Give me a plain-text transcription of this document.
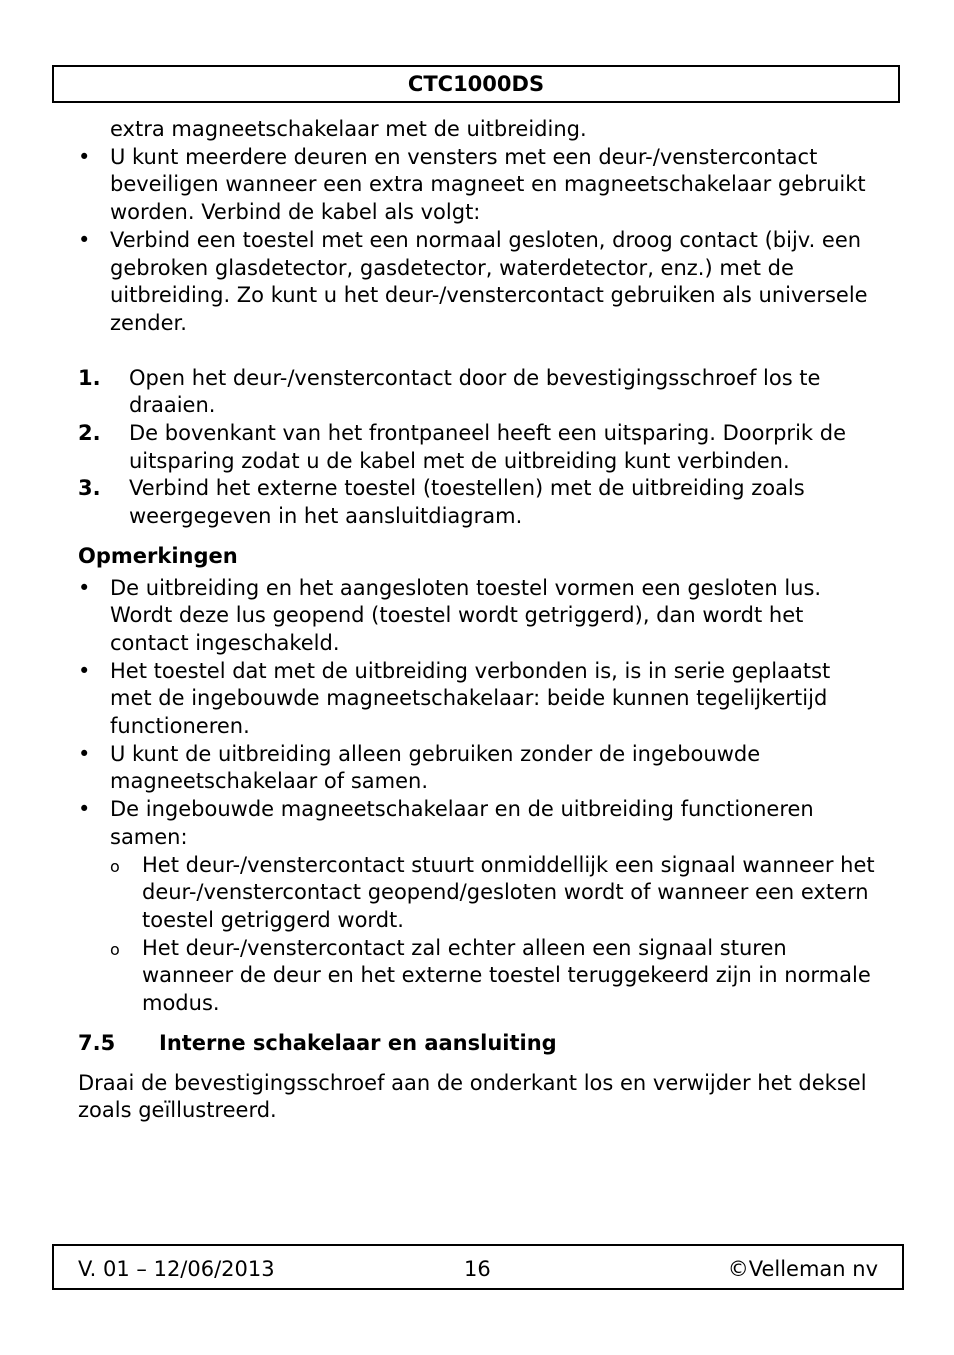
CTC1000DS

extra magneetschakelaar met de uitbreiding.

• U kunt meerdere deuren en vensters met een deur-/venstercontact beveiligen wanneer een extra magneet en magneetschakelaar gebruikt worden. Verbind de kabel als volgt:
• Verbind een toestel met een normaal gesloten, droog contact (bijv. een gebroken glasdetector, gasdetector, waterdetector, enz.) met de uitbreiding. Zo kunt u het deur-/venstercontact gebruiken als universele zender.
1. Open het deur-/venstercontact door de bevestigingsschroef los te draaien.
2. De bovenkant van het frontpaneel heeft een uitsparing. Doorprik de uitsparing zodat u de kabel met de uitbreiding kunt verbinden.
3. Verbind het externe toestel (toestellen) met de uitbreiding zoals weergegeven in het aansluitdiagram.
Opmerkingen
• De uitbreiding en het aangesloten toestel vormen een gesloten lus. Wordt deze lus geopend (toestel wordt getriggerd), dan wordt het contact ingeschakeld.
• Het toestel dat met de uitbreiding verbonden is, is in serie geplaatst met de ingebouwde magneetschakelaar: beide kunnen tegelijkertijd functioneren.
• U kunt de uitbreiding alleen gebruiken zonder de ingebouwde magneetschakelaar of samen.
• De ingebouwde magneetschakelaar en de uitbreiding functioneren samen:
o Het deur-/venstercontact stuurt onmiddellijk een signaal wanneer het deur-/venstercontact geopend/gesloten wordt of wanneer een extern toestel getriggerd wordt.
o Het deur-/venstercontact zal echter alleen een signaal sturen wanneer de deur en het externe toestel teruggekeerd zijn in normale modus.
7.5	Interne schakelaar en aansluiting

Draai de bevestigingsschroef aan de onderkant los en verwijder het deksel zoals geïllustreerd.

V. 01 – 12/06/2013	16	©Velleman nv
